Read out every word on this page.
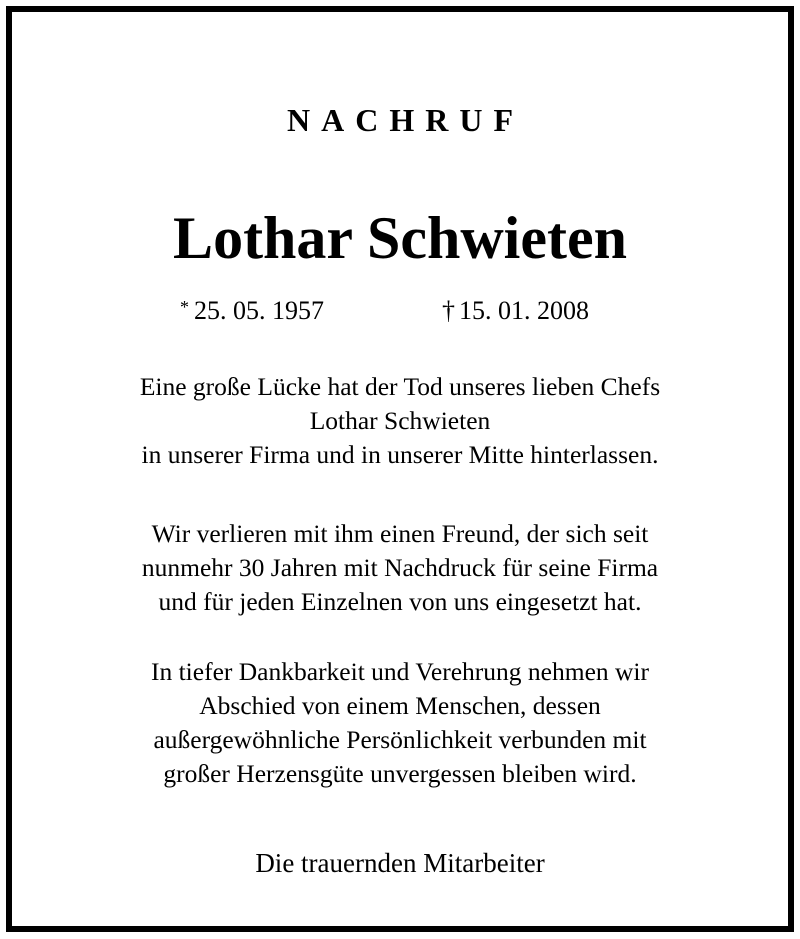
NACHRUF
Lothar Schwieten
* 25. 05. 1957	† 15. 01. 2008
Eine große Lücke hat der Tod unseres lieben Chefs
Lothar Schwieten
in unserer Firma und in unserer Mitte hinterlassen.
Wir verlieren mit ihm einen Freund, der sich seit
nunmehr 30 Jahren mit Nachdruck für seine Firma
und für jeden Einzelnen von uns eingesetzt hat.
In tiefer Dankbarkeit und Verehrung nehmen wir
Abschied von einem Menschen, dessen
außergewöhnliche Persönlichkeit verbunden mit
großer Herzensgüte unvergessen bleiben wird.
Die trauernden Mitarbeiter
